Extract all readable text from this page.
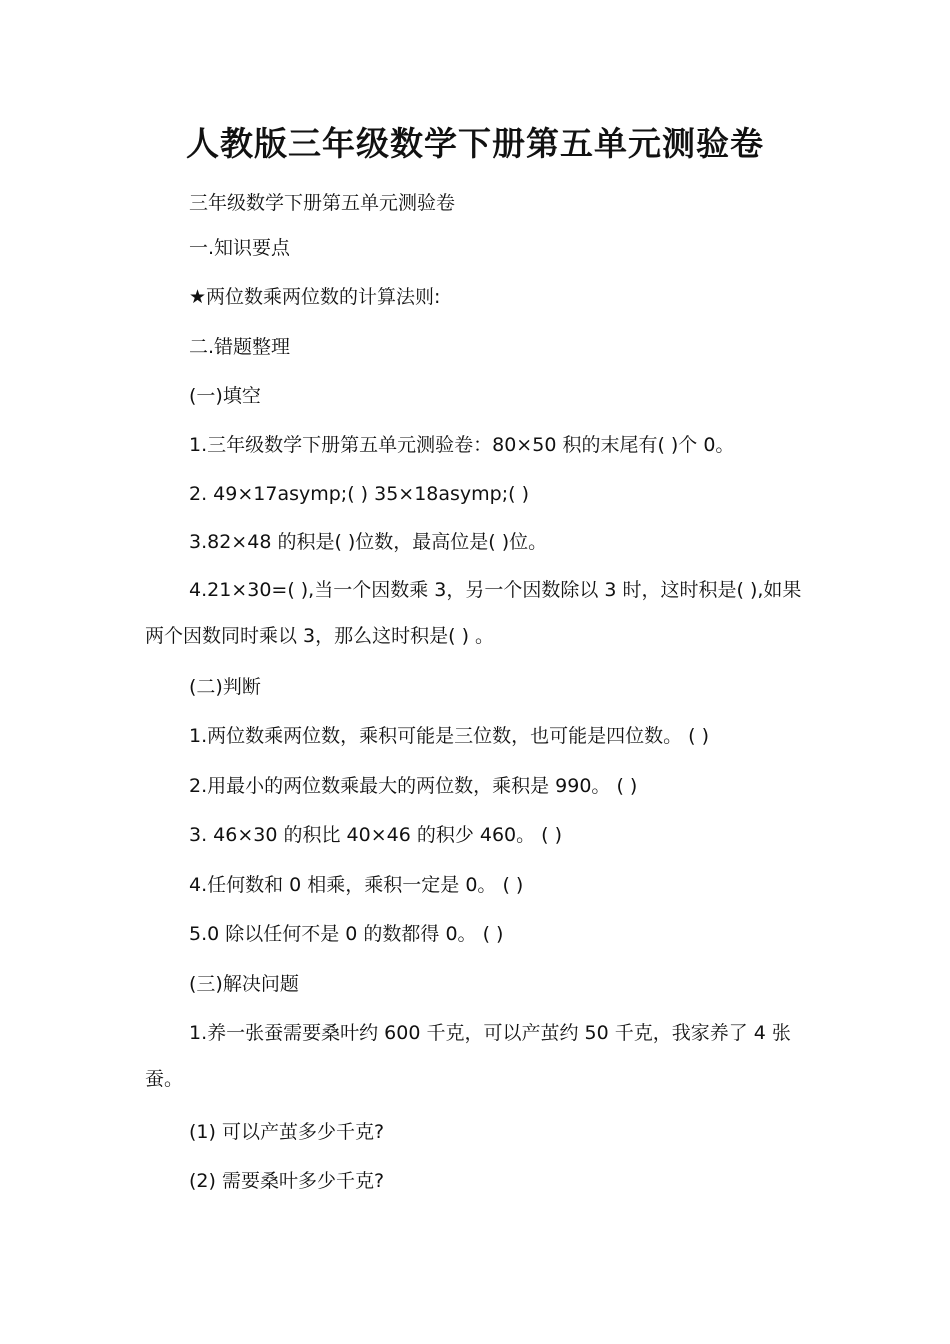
人教版三年级数学下册第五单元测验卷
三年级数学下册第五单元测验卷
一.知识要点
★两位数乘两位数的计算法则:
二.错题整理
(一)填空
1.三年级数学下册第五单元测验卷：80×50 积的末尾有( )个 0。
2. 49×17asymp;( ) 35×18asymp;( )
3.82×48 的积是( )位数，最高位是( )位。
4.21×30=( ),当一个因数乘 3，另一个因数除以 3 时，这时积是( ),如果两个因数同时乘以 3，那么这时积是( ) 。
(二)判断
1.两位数乘两位数，乘积可能是三位数，也可能是四位数。 ( )
2.用最小的两位数乘最大的两位数，乘积是 990。 ( )
3. 46×30 的积比 40×46 的积少 460。 ( )
4.任何数和 0 相乘，乘积一定是 0。 ( )
5.0 除以任何不是 0 的数都得 0。 ( )
(三)解决问题
1.养一张蚕需要桑叶约 600 千克，可以产茧约 50 千克，我家养了 4 张蚕。
(1) 可以产茧多少千克?
(2) 需要桑叶多少千克?
